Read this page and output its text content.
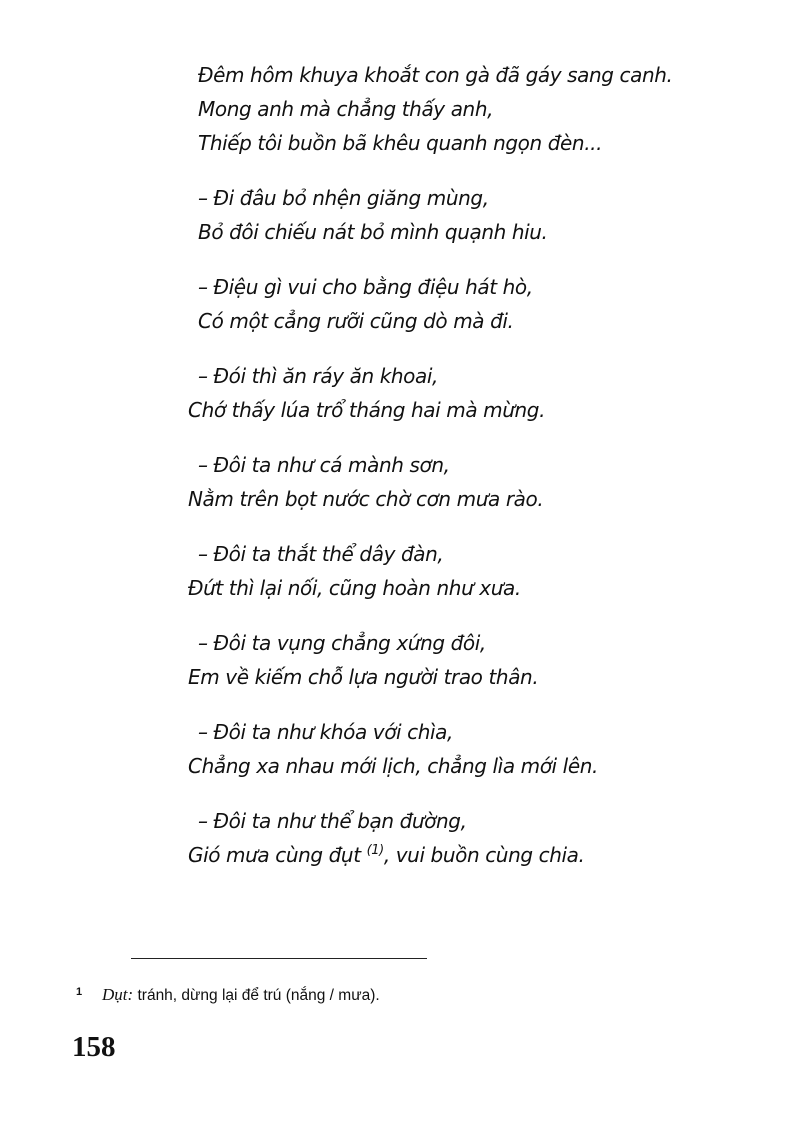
Đêm hôm khuya khoắt con gà đã gáy sang canh.
Mong anh mà chẳng thấy anh,
Thiếp tôi buồn bã khêu quanh ngọn đèn...
– Đi đâu bỏ nhện giăng mùng,
Bỏ đôi chiếu nát bỏ mình quạnh hiu.
– Điệu gì vui cho bằng điệu hát hò,
Có một cẳng rưỡi cũng dò mà đi.
– Đói thì ăn ráy ăn khoai,
Chớ thấy lúa trổ tháng hai mà mừng.
– Đôi ta như cá mành sơn,
Nằm trên bọt nước chờ cơn mưa rào.
– Đôi ta thắt thể dây đàn,
Đứt thì lại nối, cũng hoàn như xưa.
– Đôi ta vụng chẳng xứng đôi,
Em về kiếm chỗ lựa người trao thân.
– Đôi ta như khóa với chìa,
Chẳng xa nhau mới lịch, chẳng lìa mới lên.
– Đôi ta như thể bạn đường,
Gió mưa cùng đụt $^{(1)}$, vui buồn cùng chia.
1 Dụt: tránh, dừng lại để trú (nắng / mưa).
158
